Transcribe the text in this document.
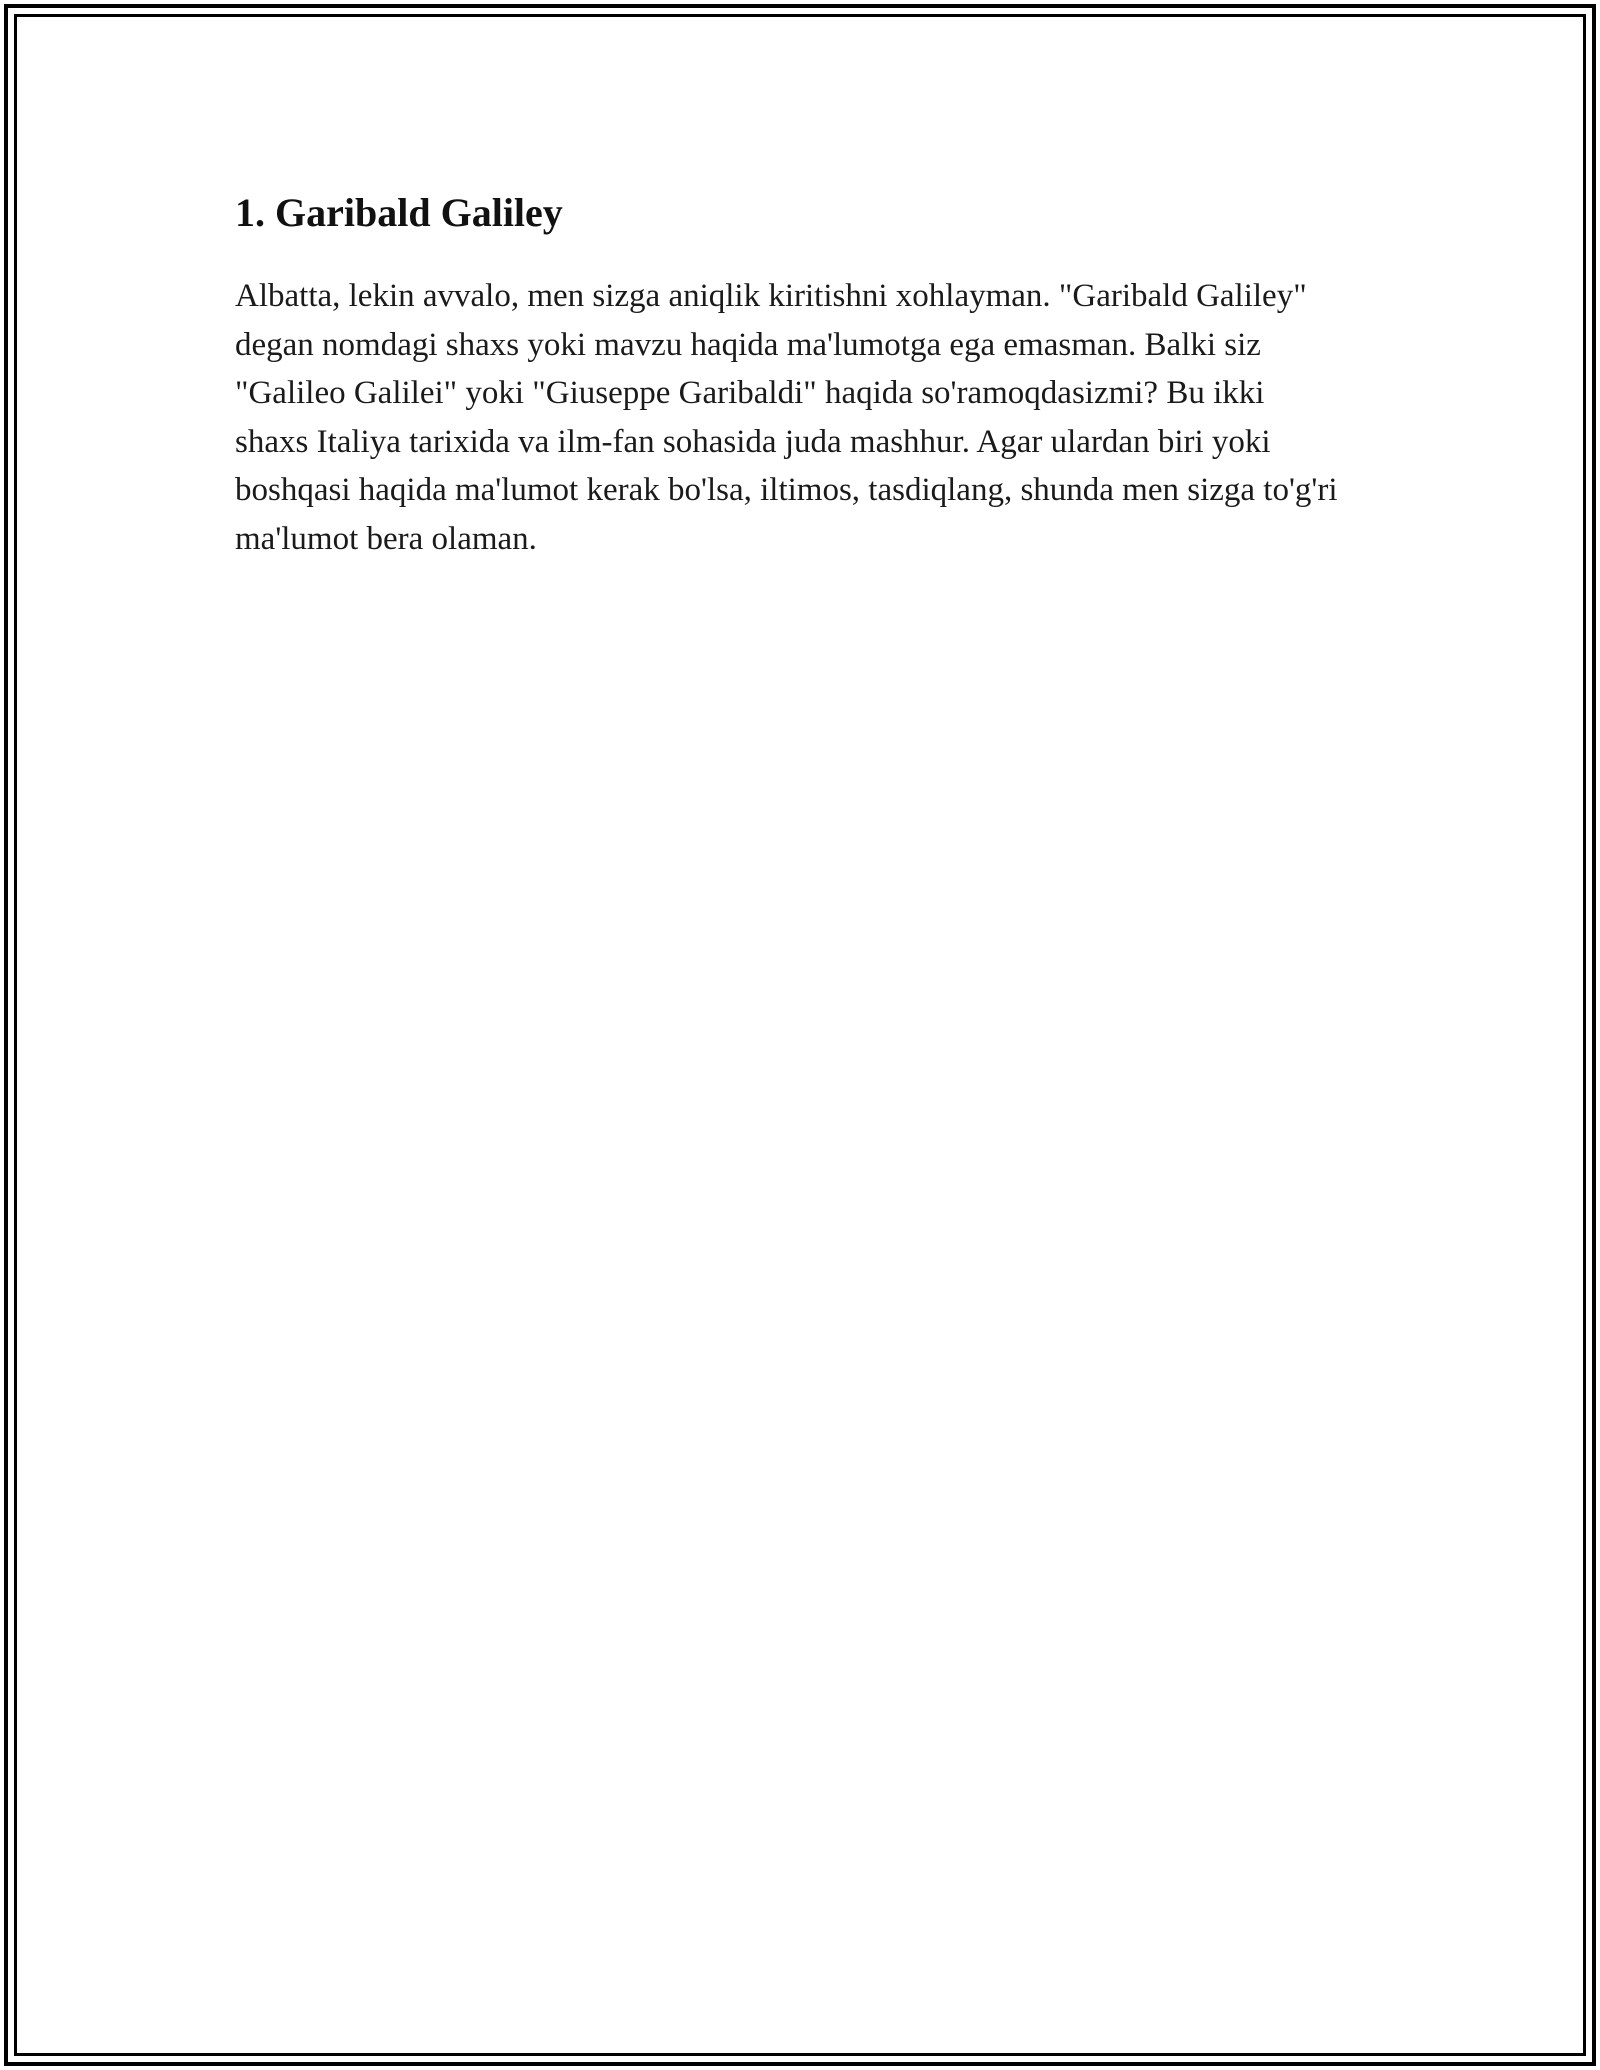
1. Garibald Galiley

Albatta, lekin avvalo, men sizga aniqlik kiritishni xohlayman. "Garibald Galiley" degan nomdagi shaxs yoki mavzu haqida ma'lumotga ega emasman. Balki siz "Galileo Galilei" yoki "Giuseppe Garibaldi" haqida so'ramoqdasizmi? Bu ikki shaxs Italiya tarixida va ilm-fan sohasida juda mashhur. Agar ulardan biri yoki boshqasi haqida ma'lumot kerak bo'lsa, iltimos, tasdiqlang, shunda men sizga to'g'ri ma'lumot bera olaman.
